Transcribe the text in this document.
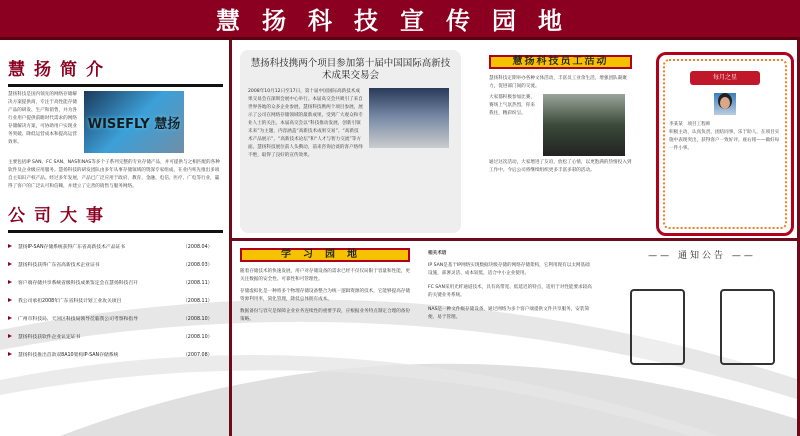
慧扬科技宣传园地
慧扬简介

慧扬科技是国内领先的网络存储解决方案提供商，专注于高性能存储产品的研发、生产和销售，并为各行业用户提供前瞻时代需求的网络存储解决方案，可协助用户实现业务突破、降低运营成本和提高运营效率。

WISEFLY 慧扬

主要包括IP SAN、FC SAN、NAS和NAS等多个子系列完整的专业存储产品，并可提供与之相匹配的各种软件及企业级应用服务。慧扬科技的研发团队由多年从事存储领域的资深专家组成，在业内率先推出多项自主知识产权产品。经过多年发展，产品已广泛应用于政府、教育、金融、电信、医疗、广电等行业，赢得了客户的广泛认可和信赖，并建立了完善的销售与服务网络。

公司大事
慧扬IP-SAN存储系统获得广东省高新技术产品证书	（2008.04）
慧扬科技获得广东省高新技术企业证书	（2008.03）
客户端存储共享系统省级科技成果鉴定会在慧扬科技召开	（2008.11）
我公司承担2008年广东省科技计划工业攻关项目	（2008.11）
广州市科技局、天河区科技局领导莅临我公司考察和指导	（2008.10）
慧扬科技获软件企业认定证书	（2008.10）
慧扬科技推出首款双8A10架构IP-SAN存储系统	（2007.08）
慧扬科技携两个项目参加第十届中国国际高新技术成果交易会

2008年10月12日至17日，第十届中国国际高新技术成果交易会在深圳会展中心举行。本届高交会共吸引了来自世界各地的众多企业参展，慧扬科技携两个项目参展，展示了公司在网络存储领域的最新成果，受到广大观众和专业人士的关注。本届高交会以“科技推动发展、创新引领未来”为主题，内容涵盖“高新技术成果交易”、“高新技术产品展示”、“高新技术论坛”和“人才与智力交流”等方面。慧扬科技展位前人头攒动，前来咨询洽谈的客户络绎不绝，取得了良好的宣传效果。

慧扬科技员工活动

慧扬科技定期举办各种文体活动，丰富员工业余生活，增强团队凝聚力，促进部门间的交流。

大家都积极参加比赛，赛场上气氛热烈，你来我往，精彩纷呈。

通过这次活动，大家增进了友谊，放松了心情，以更饱满的热情投入到工作中。今后公司将继续组织更多丰富多彩的活动。

每月之星

李某某　项目工程师

积极主动，认真负责，团结同事，乐于助人，在项目实施中表现突出，获得客户一致好评。座右铭——做好每一件小事。

学习园地

随着存储技术的快速发展，用户对存储设备的需求已经不仅仅局限于容量和性能，更关注数据的安全性、可靠性和可管理性。

存储虚拟化是一种将多个物理存储设备整合为统一逻辑资源的技术，它能够提高存储资源利用率，简化管理，降低总体拥有成本。

数据备份与容灾是保障企业业务连续性的重要手段，应根据业务特点制定合理的备份策略。

相关术语

IP SAN是基于IP网络实现数据块级存储的网络存储架构，它利用现有以太网基础设施，部署灵活、成本较低，适合中小企业使用。

FC SAN采用光纤通道技术，具有高带宽、低延迟的特点，适用于对性能要求较高的关键业务系统。

NAS是一种文件级存储设备，通过网络为多个客户端提供文件共享服务，安装简便、易于管理。

—— 通知公告 ——
